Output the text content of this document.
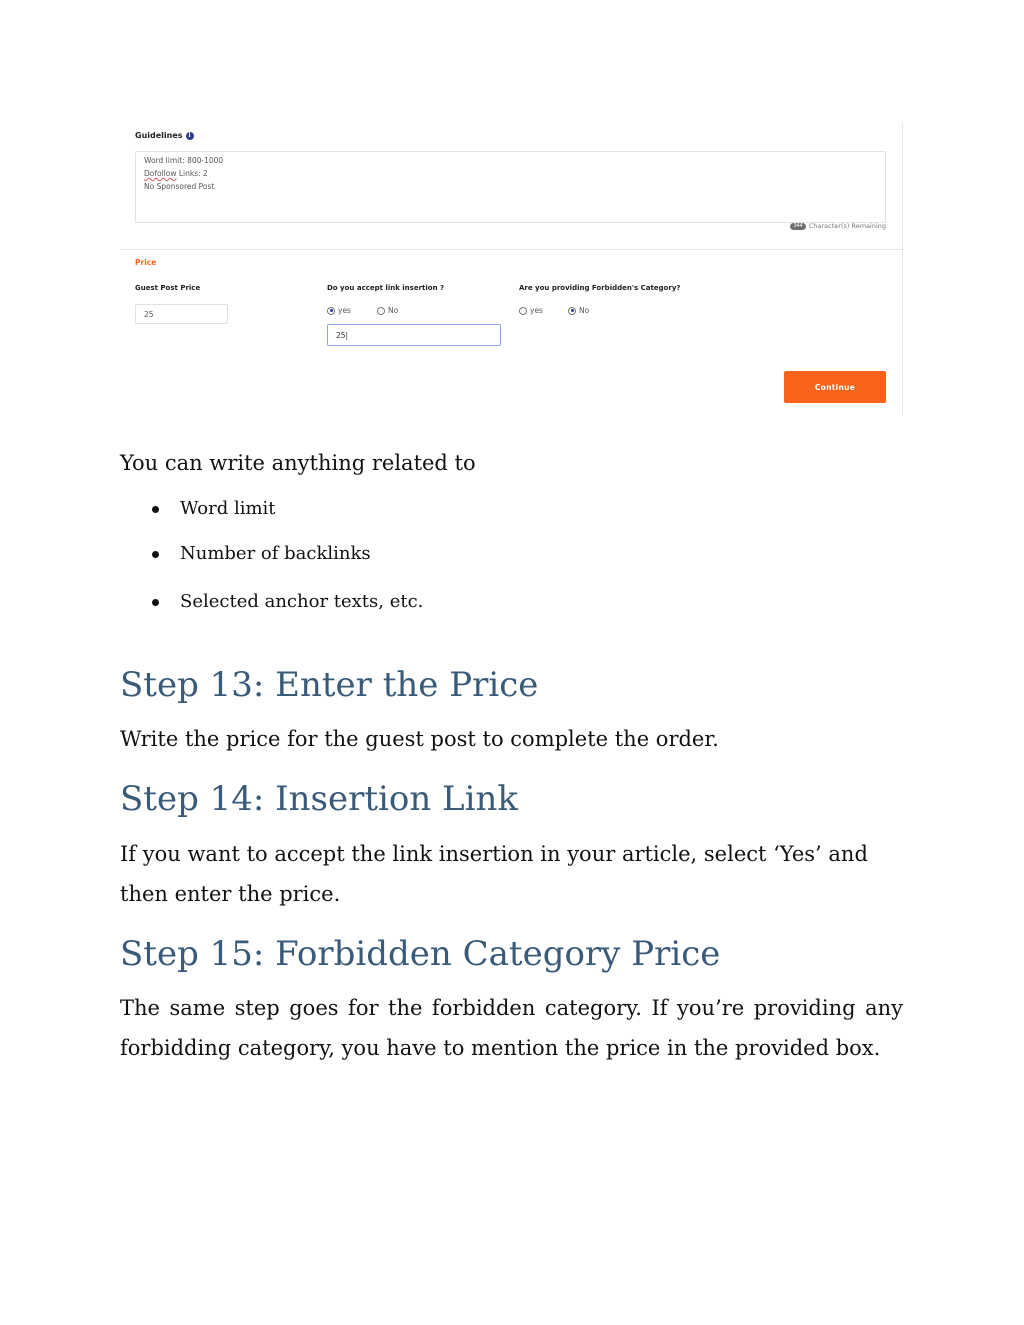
Guidelines i
Word limit: 800-1000
Dofollow Links: 2
No Sponsored Post
344 Character(s) Remaining
Price
Guest Post Price	Do you accept link insertion ?	Are you providing Forbidden's Category?
25	yes	No	yes	No
25|
Continue

You can write anything related to

Word limit
Number of backlinks
Selected anchor texts, etc.
Step 13: Enter the Price

Write the price for the guest post to complete the order.

Step 14: Insertion Link

If you want to accept the link insertion in your article, select ‘Yes’ and then enter the price.

Step 15: Forbidden Category Price

The same step goes for the forbidden category. If you’re providing any forbidding category, you have to mention the price in the provided box.
